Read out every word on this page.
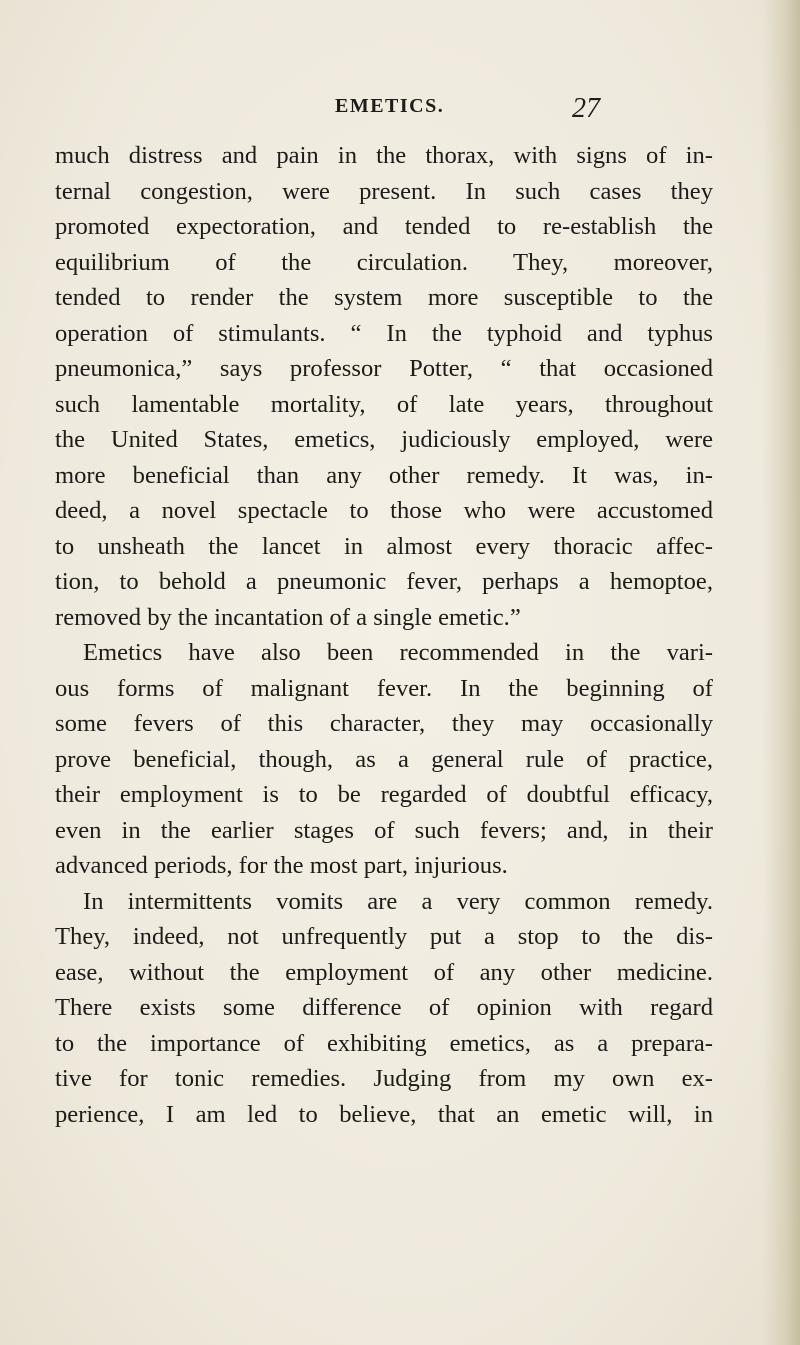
EMETICS.	27
much distress and pain in the thorax, with signs of in-
ternal congestion, were present. In such cases they
promoted expectoration, and tended to re-establish the
equilibrium of the circulation. They, moreover,
tended to render the system more susceptible to the
operation of stimulants. “ In the typhoid and typhus
pneumonica,” says professor Potter, “ that occasioned
such lamentable mortality, of late years, throughout
the United States, emetics, judiciously employed, were
more beneficial than any other remedy. It was, in-
deed, a novel spectacle to those who were accustomed
to unsheath the lancet in almost every thoracic affec-
tion, to behold a pneumonic fever, perhaps a hemoptoe,
removed by the incantation of a single emetic.”
Emetics have also been recommended in the vari-
ous forms of malignant fever. In the beginning of
some fevers of this character, they may occasionally
prove beneficial, though, as a general rule of practice,
their employment is to be regarded of doubtful efficacy,
even in the earlier stages of such fevers; and, in their
advanced periods, for the most part, injurious.
In intermittents vomits are a very common remedy.
They, indeed, not unfrequently put a stop to the dis-
ease, without the employment of any other medicine.
There exists some difference of opinion with regard
to the importance of exhibiting emetics, as a prepara-
tive for tonic remedies. Judging from my own ex-
perience, I am led to believe, that an emetic will, in
